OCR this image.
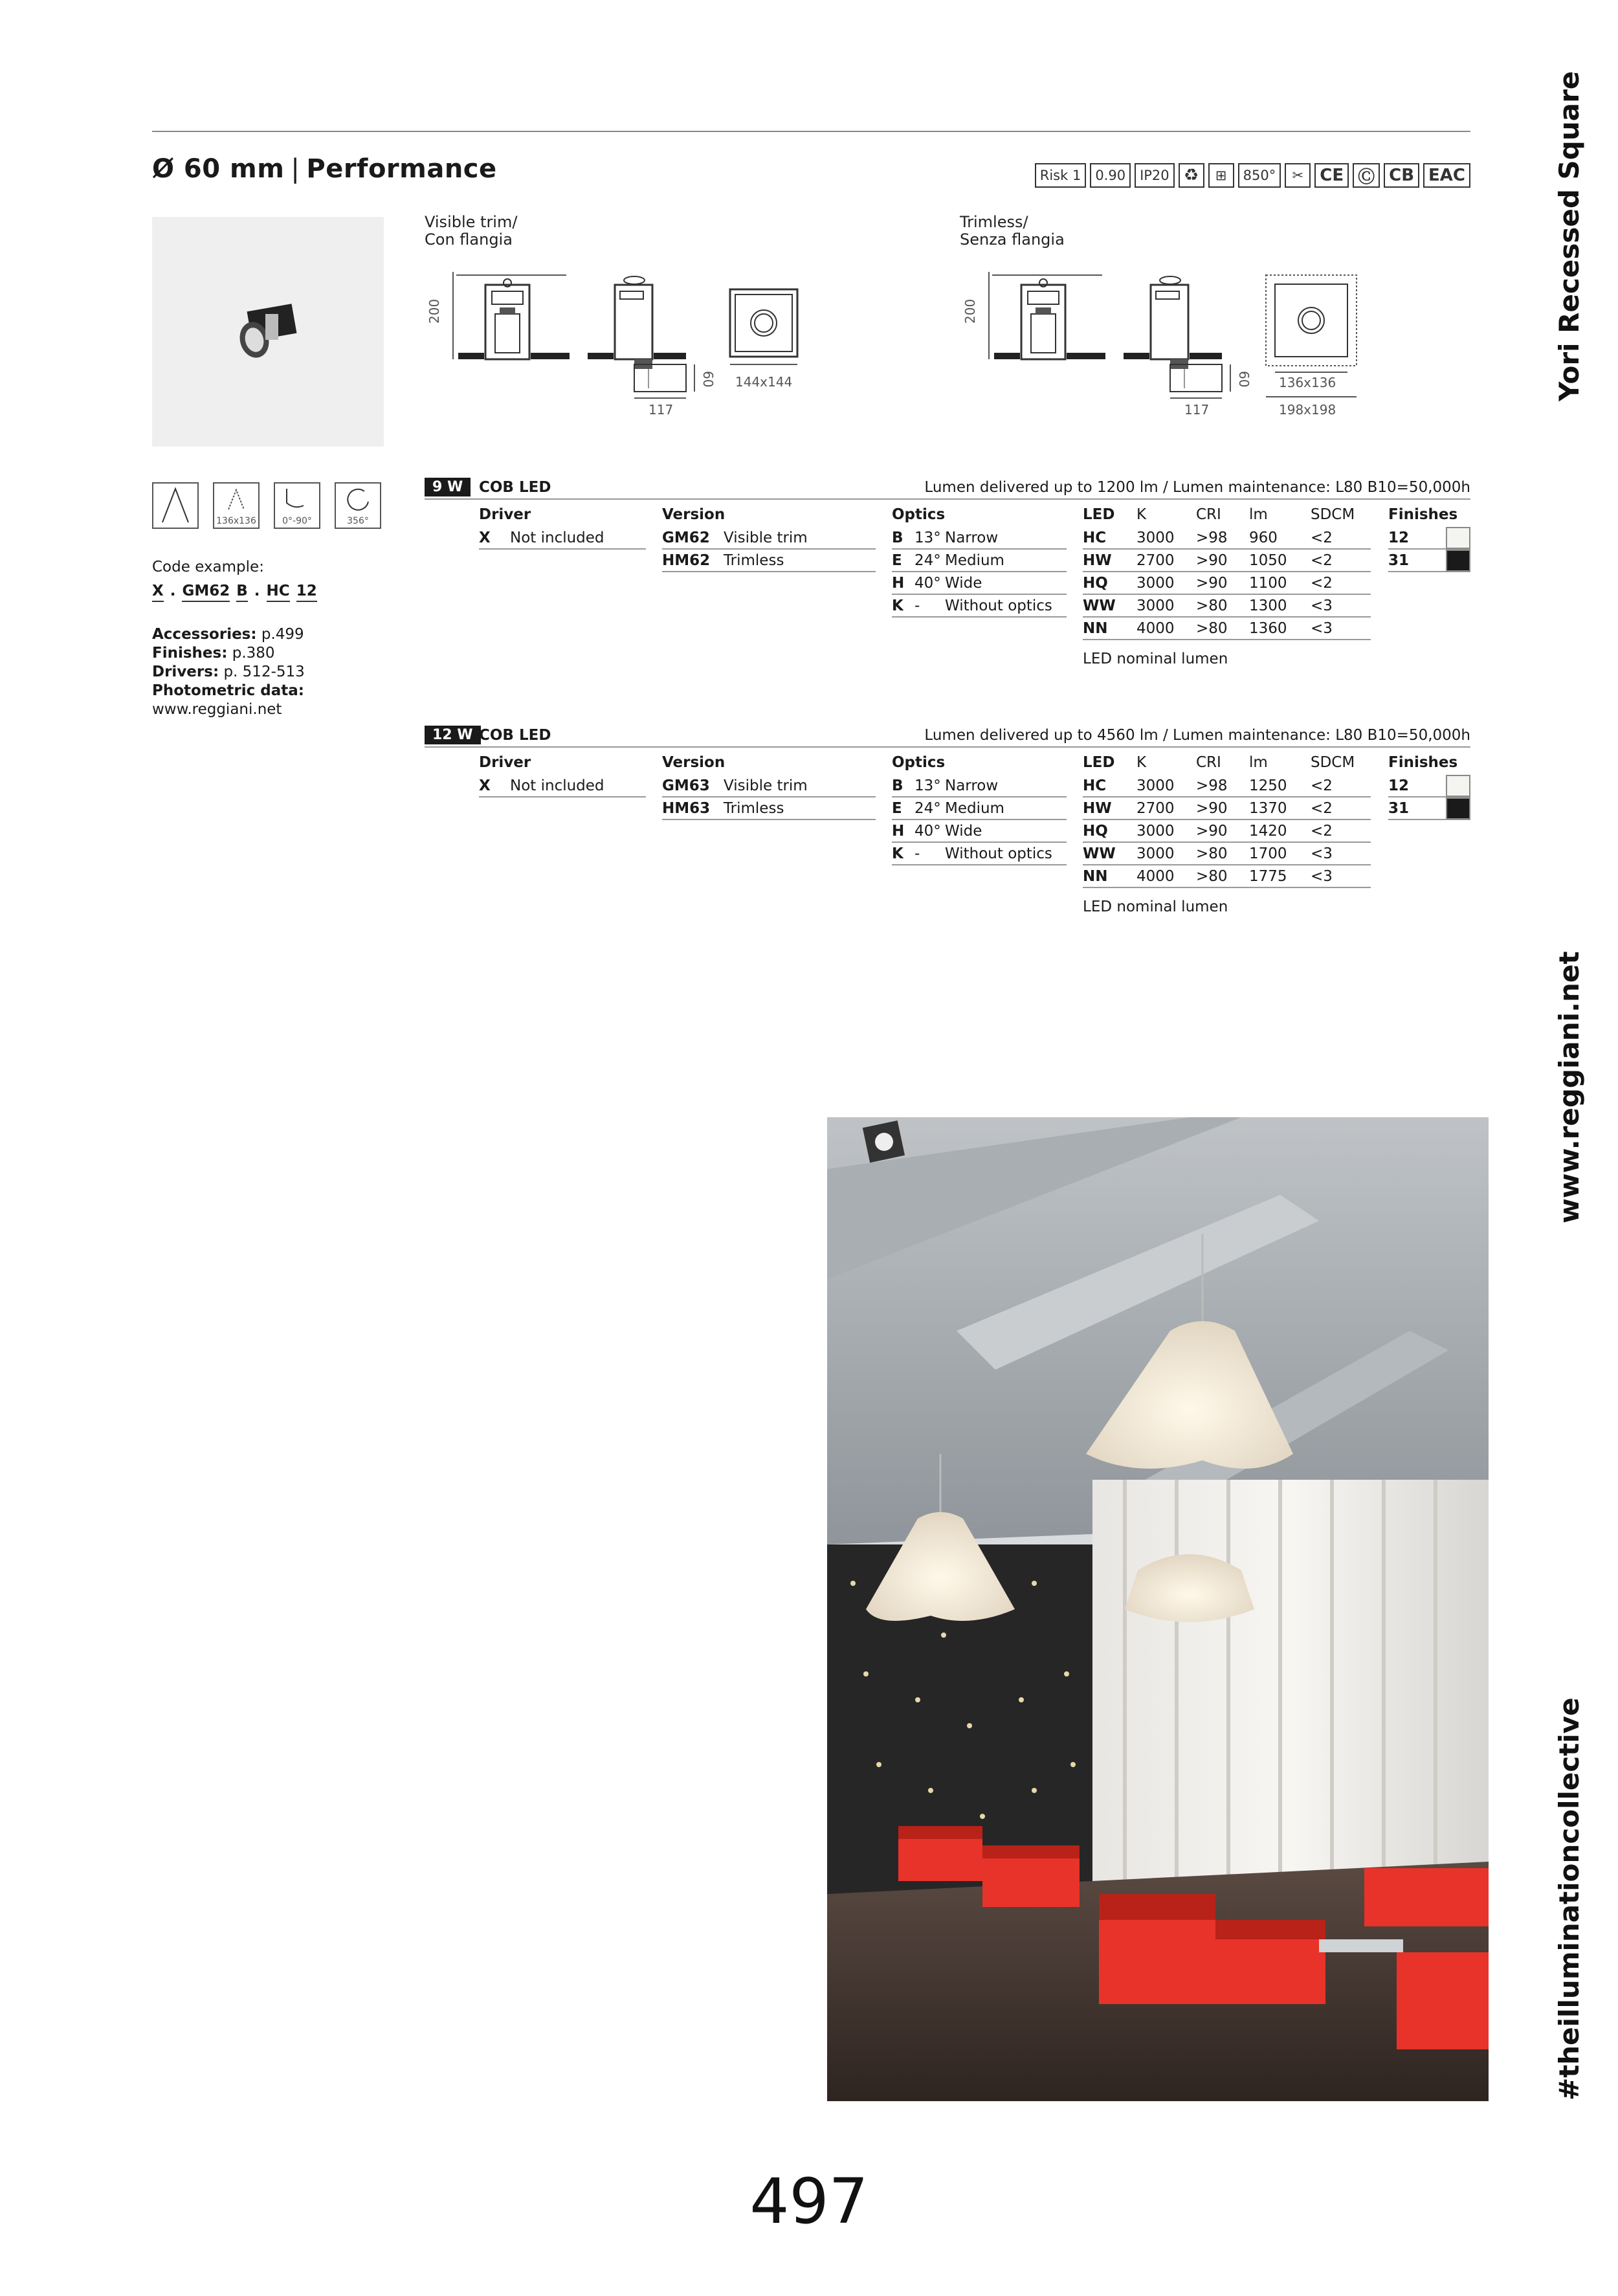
Ø 60 mm | Performance	Risk 1	0.90	IP20 ♻	⊞	850°	✂ CE Ⓒ CB EAC	Yori Recessed Square
www.reggiani.net
#theilluminationcollective
Visible trim/
Con flangia
Trimless/
Senza flangia
200
60
117
144x144
200
60
117
136x136
198x198
136x136	0°-90°	356°
Code example:
X . GM62 B . HC 12
Accessories: p.499
Finishes: p.380
Drivers: p. 512-513
Photometric data:
www.reggiani.net
9 W	COB LED	Lumen delivered up to 1200 lm / Lumen maintenance: L80 B10=50,000h
Driver	Version	Optics	LED K	CRI lm	SDCM Finishes
X Not included	GM62 Visible trim
HM62 Trimless
B 13° Narrow
E 24° Medium
H 40° Wide
K - Without optics
HC 3000 >98 960 <2
HW 2700 >90 1050 <2
HQ 3000 >90 1100 <2
WW 3000 >80 1300 <3
NN 4000 >80 1360 <3
LED nominal lumen
12
31
12 W COB LED	Lumen delivered up to 4560 lm / Lumen maintenance: L80 B10=50,000h
Driver	Version	Optics	LED K	CRI lm	SDCM Finishes
X Not included	GM63 Visible trim
HM63 Trimless
B 13° Narrow
E 24° Medium
H 40° Wide
K - Without optics
HC 3000 >98 1250 <2
HW 2700 >90 1370 <2
HQ 3000 >90 1420 <2
WW 3000 >80 1700 <3
NN 4000 >80 1775 <3
LED nominal lumen
12
31
497
